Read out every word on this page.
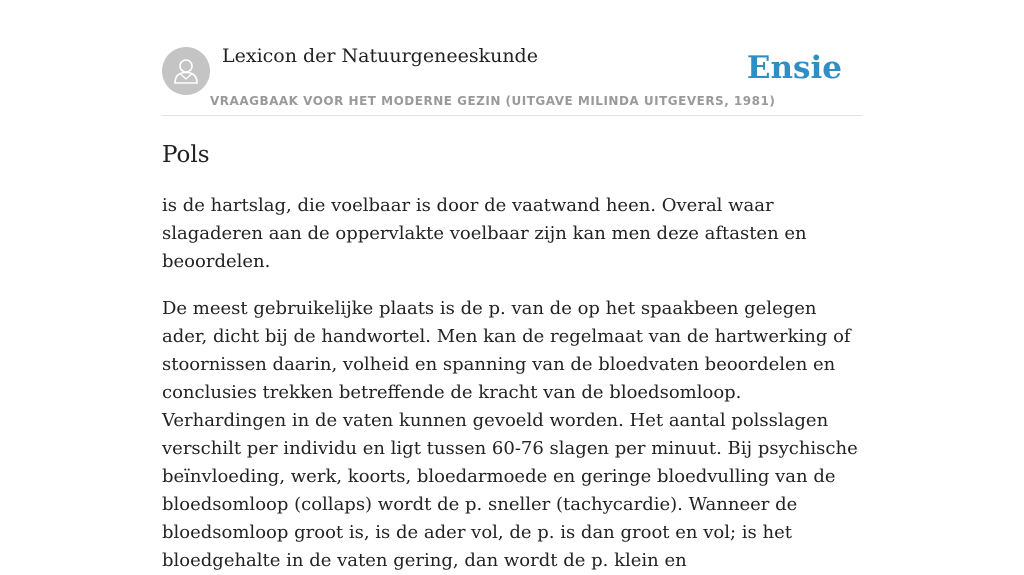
Lexicon der Natuurgeneeskunde
VRAAGBAAK VOOR HET MODERNE GEZIN (UITGAVE MILINDA UITGEVERS, 1981)
Ensie
Pols

is de hartslag, die voelbaar is door de vaatwand heen. Overal waar slagaderen aan de oppervlakte voelbaar zijn kan men deze aftasten en beoordelen.

De meest gebruikelijke plaats is de p. van de op het spaakbeen gelegen ader, dicht bij de handwortel. Men kan de regelmaat van de hartwerking of stoornissen daarin, volheid en spanning van de bloedvaten beoordelen en conclusies trekken betreffende de kracht van de bloedsomloop. Verhardingen in de vaten kunnen gevoeld worden. Het aantal polsslagen verschilt per individu en ligt tussen 60-76 slagen per minuut. Bij psychische beïnvloeding, werk, koorts, bloedarmoede en geringe bloedvulling van de bloedsomloop (collaps) wordt de p. sneller (tachycardie). Wanneer de bloedsomloop groot is, is de ader vol, de p. is dan groot en vol; is het bloedgehalte in de vaten gering, dan wordt de p. klein en
